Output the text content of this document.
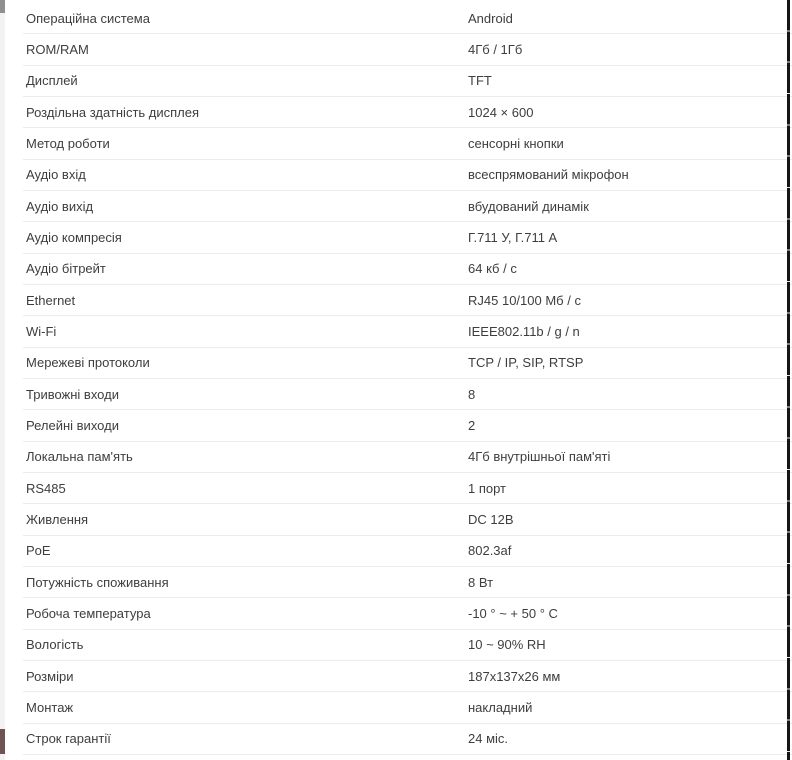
Операційна система	Android
ROM/RAM	4Гб / 1Гб
Дисплей	TFT
Роздільна здатність дисплея	1024 × 600
Метод роботи	сенсорні кнопки
Аудіо вхід	всеспрямований мікрофон
Аудіо вихід	вбудований динамік
Аудіо компресія	Г.711 У, Г.711 А
Аудіо бітрейт	64 кб / с
Ethernet	RJ45 10/100 Мб / с
Wi-Fi	IEEE802.11b / g / n
Мережеві протоколи	TCP / IP, SIP, RTSP
Тривожні входи	8
Релейні виходи	2
Локальна пам'ять	4Гб внутрішньої пам'яті
RS485	1 порт
Живлення	DC 12В
PoE	802.3af
Потужність споживання	8 Вт
Робоча температура	-10 ° ~ + 50 ° C
Вологість	10 ~ 90% RH
Розміри	187x137x26 мм
Монтаж	накладний
Строк гарантії	24 міс.
